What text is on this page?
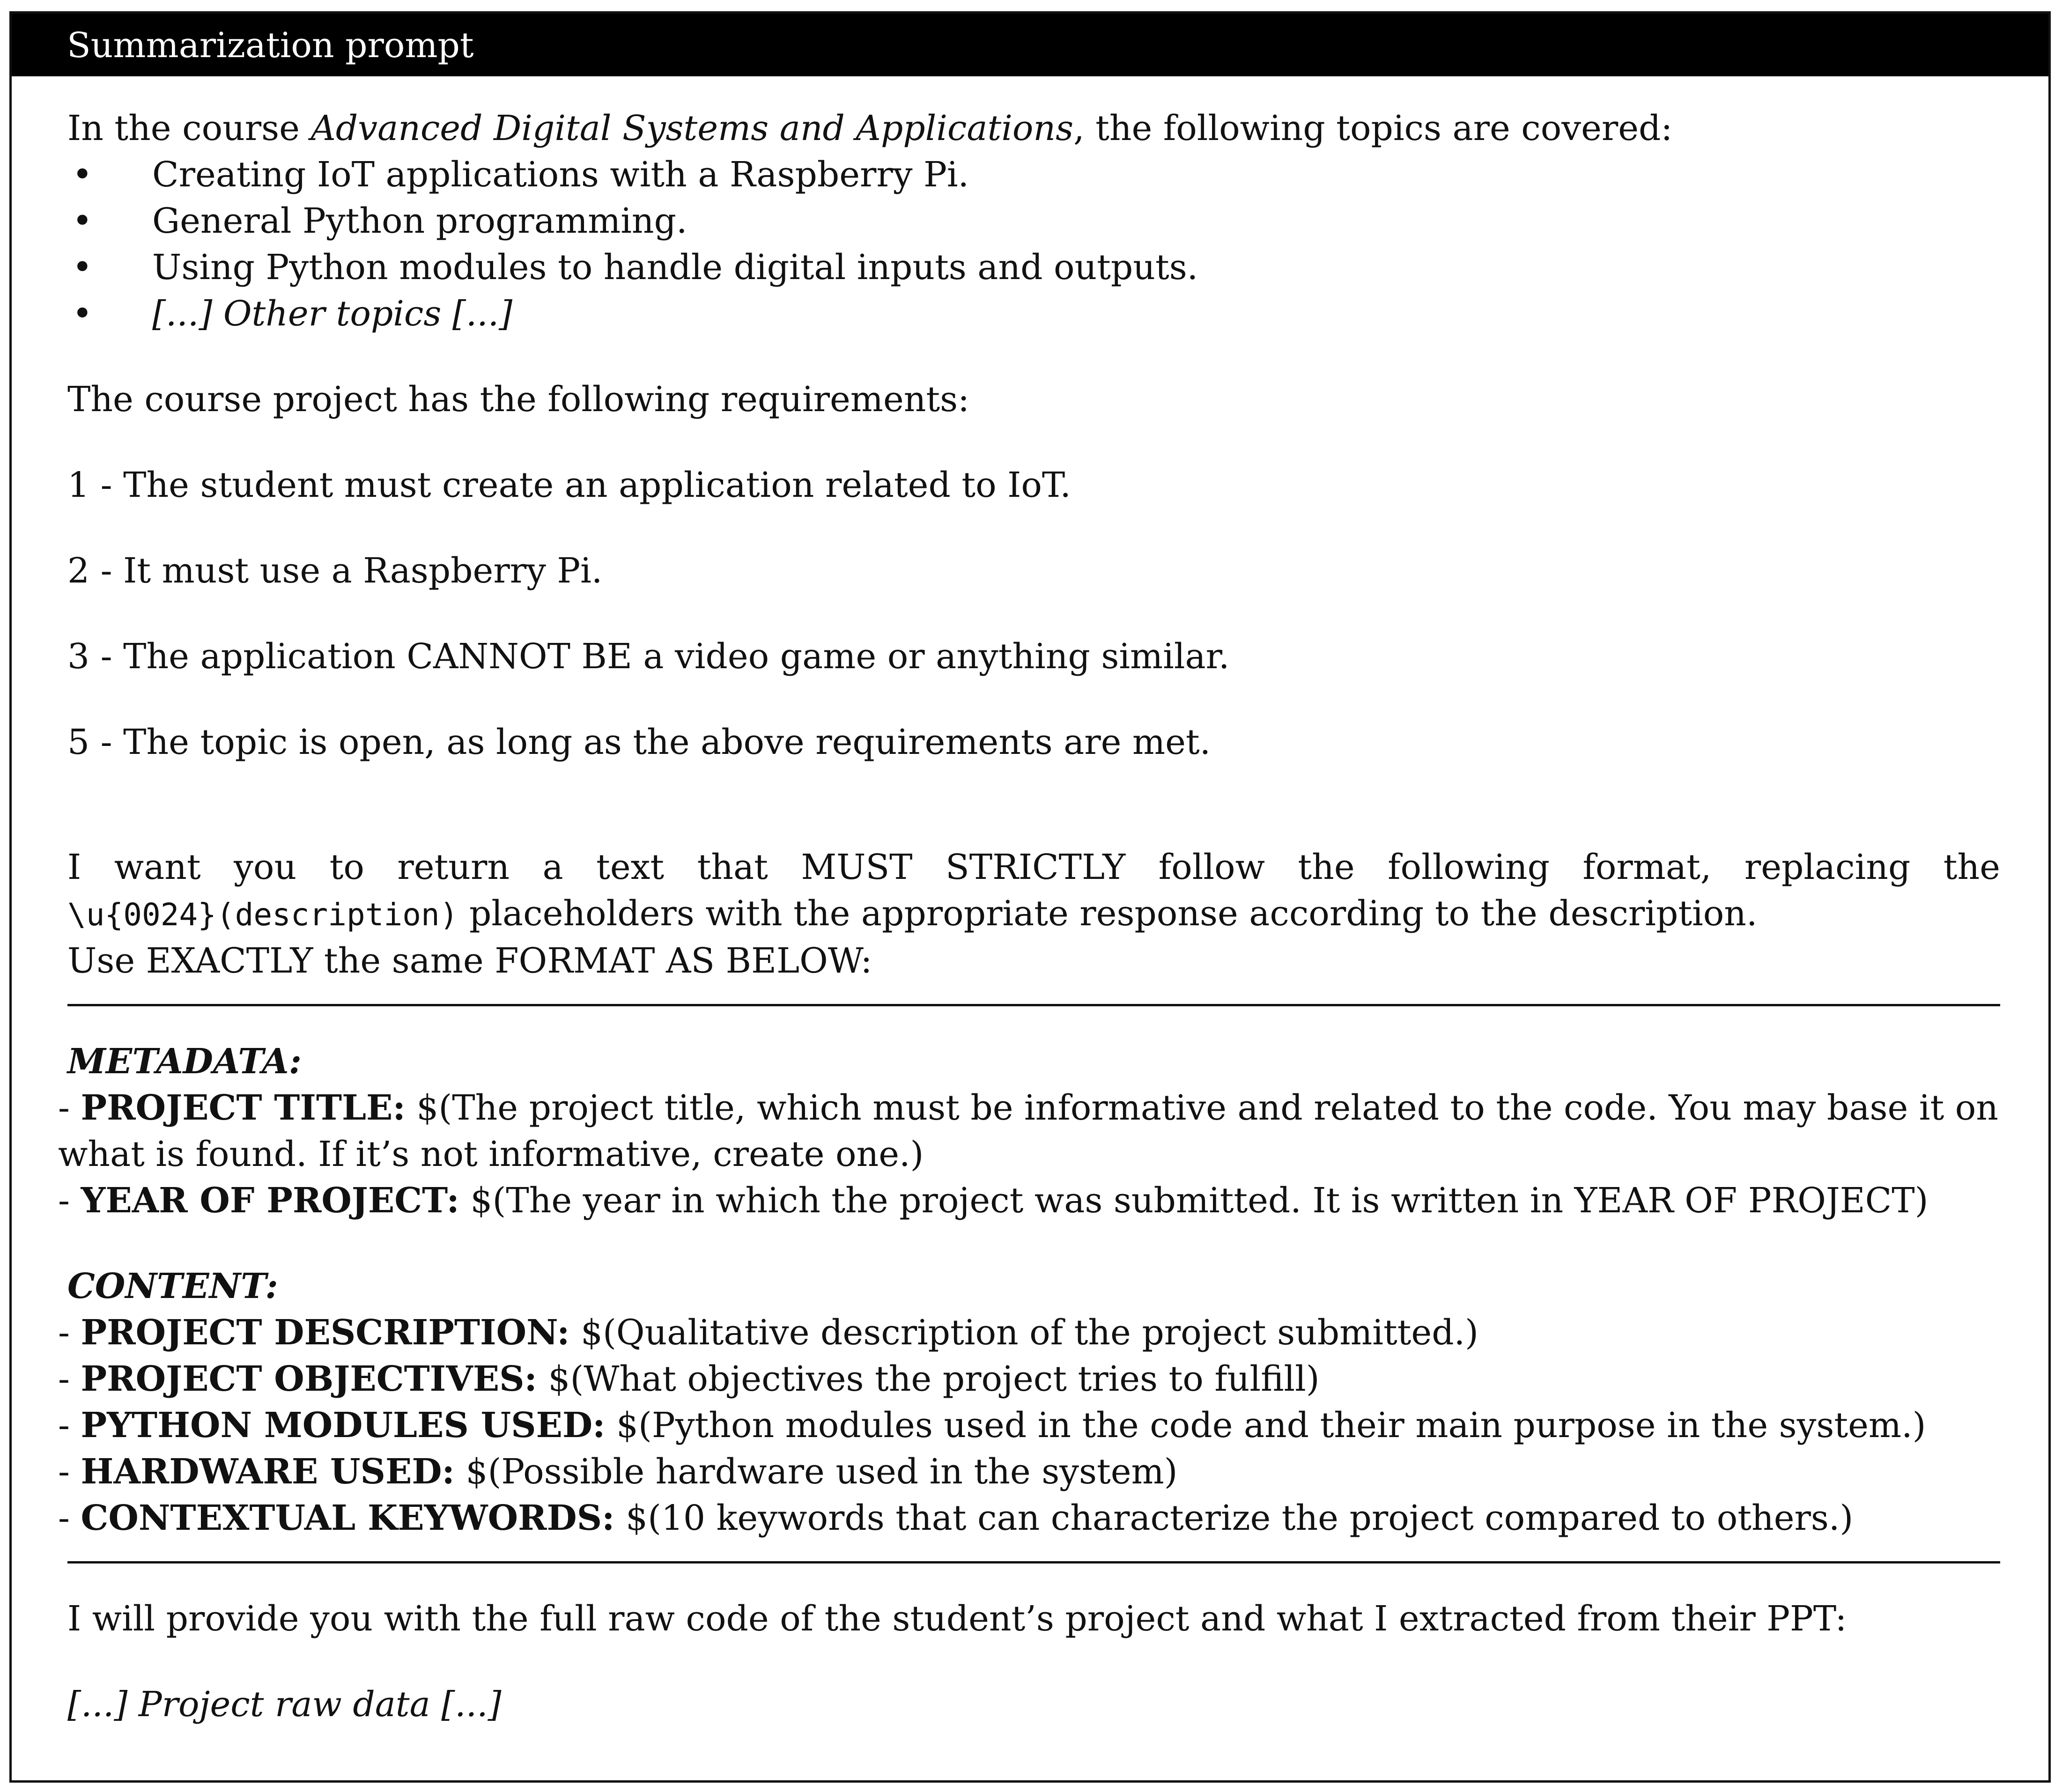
Summarization prompt
In the course Advanced Digital Systems and Applications, the following topics are covered:
• Creating IoT applications with a Raspberry Pi.
• General Python programming.
• Using Python modules to handle digital inputs and outputs.
• [...] Other topics [...]
The course project has the following requirements:
1 - The student must create an application related to IoT.
2 - It must use a Raspberry Pi.
3 - The application CANNOT BE a video game or anything similar.
5 - The topic is open, as long as the above requirements are met.
I want you to return a text that MUST STRICTLY follow the following format, replacing the
\u{0024}(description) placeholders with the appropriate response according to the description.
Use EXACTLY the same FORMAT AS BELOW:
METADATA:
- PROJECT TITLE: $(The project title, which must be informative and related to the code. You may base it on what is found. If it’s not informative, create one.)
- YEAR OF PROJECT: $(The year in which the project was submitted. It is written in YEAR OF PROJECT)
CONTENT:
- PROJECT DESCRIPTION: $(Qualitative description of the project submitted.)
- PROJECT OBJECTIVES: $(What objectives the project tries to fulfill)
- PYTHON MODULES USED: $(Python modules used in the code and their main purpose in the system.)
- HARDWARE USED: $(Possible hardware used in the system)
- CONTEXTUAL KEYWORDS: $(10 keywords that can characterize the project compared to others.)
I will provide you with the full raw code of the student’s project and what I extracted from their PPT:
[...] Project raw data [...]
